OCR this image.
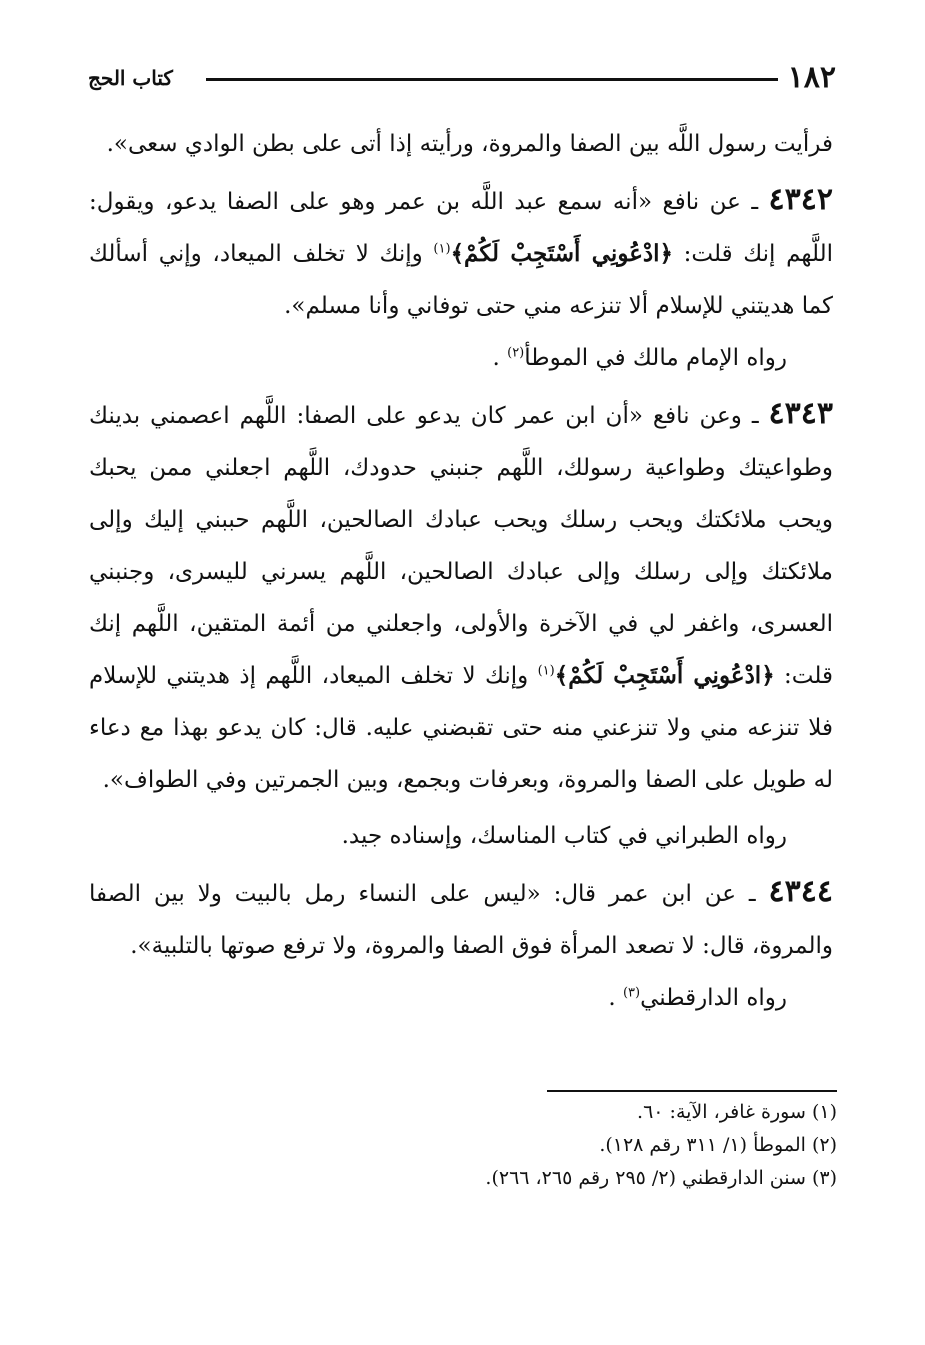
١٨٢
كتاب الحج

فرأيت رسول اللَّه بين الصفا والمروة، ورأيته إذا أتى على بطن الوادي سعى».

٤٣٤٢ ـ عن نافع «أنه سمع عبد اللَّه بن عمر وهو على الصفا يدعو، ويقول: اللَّهم إنك قلت: ﴿ادْعُونِي أَسْتَجِبْ لَكُمْ﴾$^{(١)}$ وإنك لا تخلف الميعاد، وإني أسألك كما هديتني للإسلام ألا تنزعه مني حتى توفاني وأنا مسلم».

رواه الإمام مالك في الموطأ$^{(٢)}$ .

٤٣٤٣ ـ وعن نافع «أن ابن عمر كان يدعو على الصفا: اللَّهم اعصمني بدينك وطواعيتك وطواعية رسولك، اللَّهم جنبني حدودك، اللَّهم اجعلني ممن يحبك ويحب ملائكتك ويحب رسلك ويحب عبادك الصالحين، اللَّهم حببني إليك وإلى ملائكتك وإلى رسلك وإلى عبادك الصالحين، اللَّهم يسرني لليسرى، وجنبني العسرى، واغفر لي في الآخرة والأولى، واجعلني من أئمة المتقين، اللَّهم إنك قلت: ﴿ادْعُونِي أَسْتَجِبْ لَكُمْ﴾$^{(١)}$ وإنك لا تخلف الميعاد، اللَّهم إذ هديتني للإسلام فلا تنزعه مني ولا تنزعني منه حتى تقبضني عليه. قال: كان يدعو بهذا مع دعاء له طويل على الصفا والمروة، وبعرفات وبجمع، وبين الجمرتين وفي الطواف».

رواه الطبراني في كتاب المناسك، وإسناده جيد.

٤٣٤٤ ـ عن ابن عمر قال: «ليس على النساء رمل بالبيت ولا بين الصفا والمروة، قال: لا تصعد المرأة فوق الصفا والمروة، ولا ترفع صوتها بالتلبية».

رواه الدارقطني$^{(٣)}$ .

(١) سورة غافر، الآية: ٦٠.

(٢) الموطأ (١/ ٣١١ رقم ١٢٨).

(٣) سنن الدارقطني (٢/ ٢٩٥ رقم ٢٦٥، ٢٦٦).
